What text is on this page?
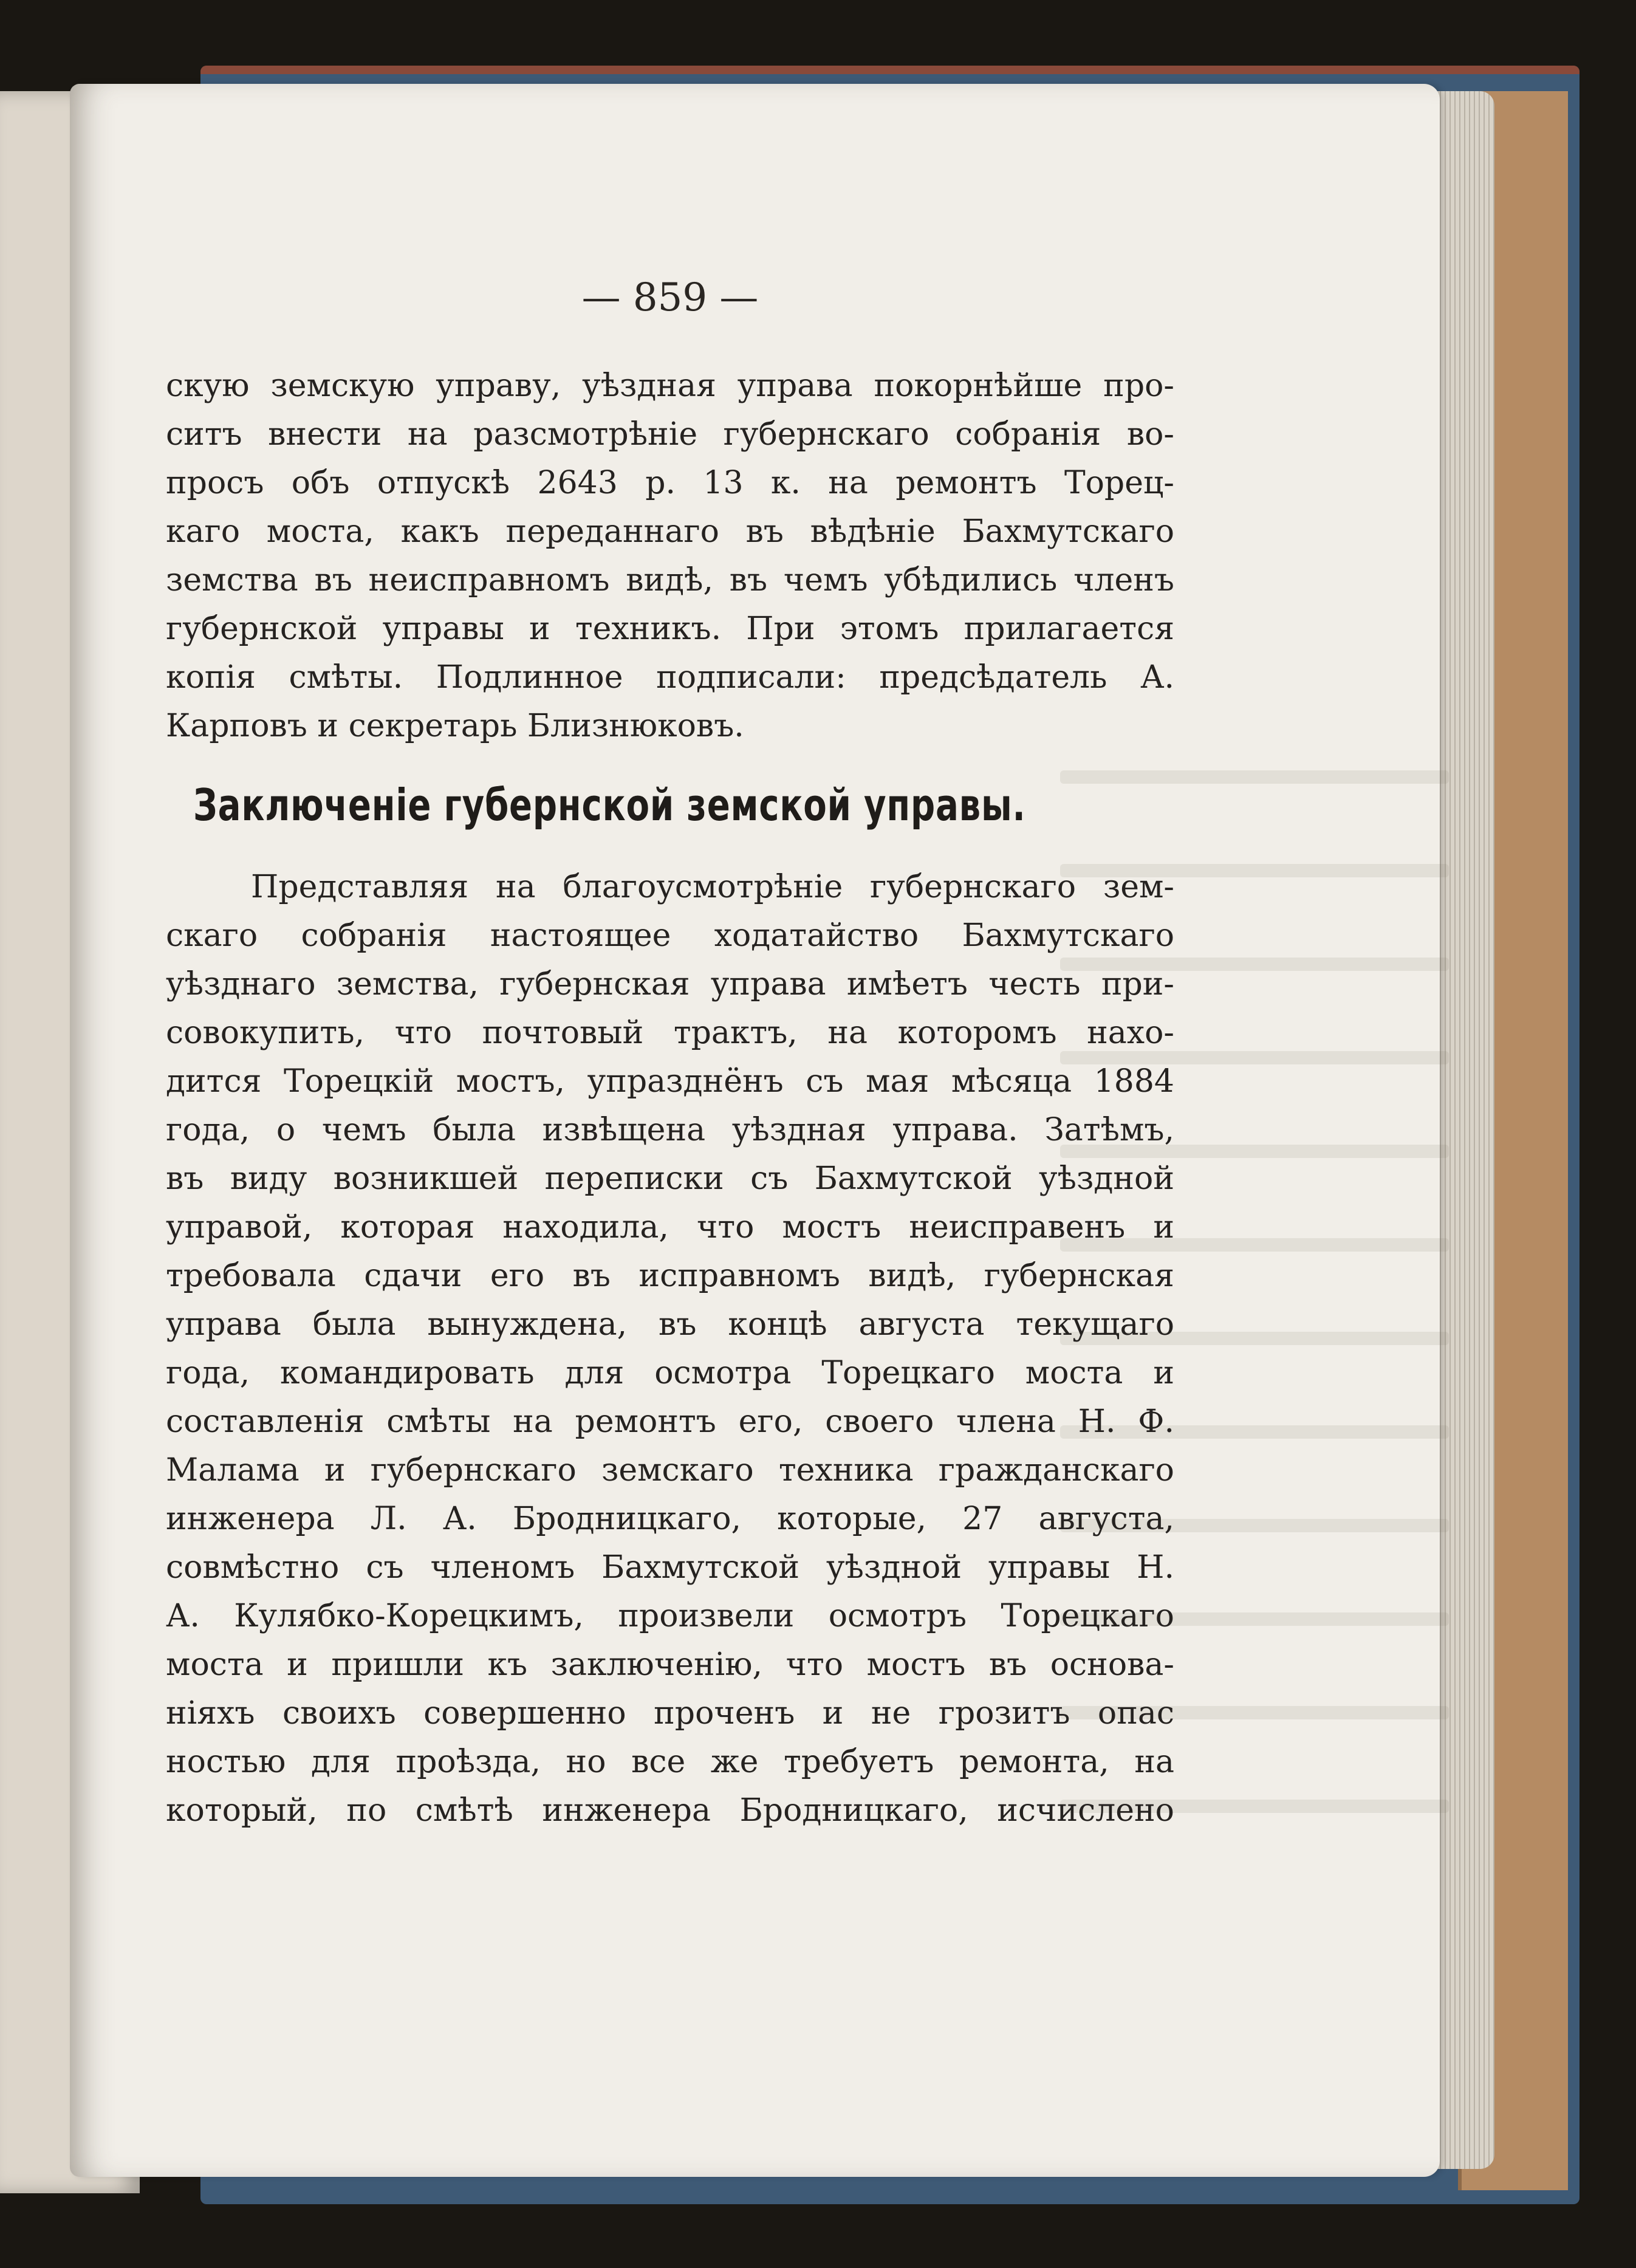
— 859 —
скую земскую управу, уѣздная управа покорнѣйше про-
ситъ внести на разсмотрѣніе губернскаго собранія во-
просъ объ отпускѣ 2643 р. 13 к. на ремонтъ Торец-
каго моста, какъ переданнаго въ вѣдѣніе Бахмутскаго
земства въ неисправномъ видѣ, въ чемъ убѣдились членъ
губернской управы и техникъ. При этомъ прилагается
копія смѣты. Подлинное подписали: предсѣдатель А.
Карповъ и секретарь Близнюковъ.
Заключеніе губернской земской управы.
Представляя на благоусмотрѣніе губернскаго зем-
скаго собранія настоящее ходатайство Бахмутскаго
уѣзднаго земства, губернская управа имѣетъ честь при-
совокупить, что почтовый трактъ, на которомъ нахо-
дится Торецкій мостъ, упразднёнъ съ мая мѣсяца 1884
года, о чемъ была извѣщена уѣздная управа. Затѣмъ,
въ виду возникшей переписки съ Бахмутской уѣздной
управой, которая находила, что мостъ неисправенъ и
требовала сдачи его въ исправномъ видѣ, губернская
управа была вынуждена, въ концѣ августа текущаго
года, командировать для осмотра Торецкаго моста и
составленія смѣты на ремонтъ его, своего члена Н. Ф.
Малама и губернскаго земскаго техника гражданскаго
инженера Л. А. Бродницкаго, которые, 27 августа,
совмѣстно съ членомъ Бахмутской уѣздной управы Н.
А. Кулябко-Корецкимъ, произвели осмотръ Торецкаго
моста и пришли къ заключенію, что мостъ въ основа-
ніяхъ своихъ совершенно проченъ и не грозитъ опас
ностью для проѣзда, но все же требуетъ ремонта, на
который, по смѣтѣ инженера Бродницкаго, исчислено
